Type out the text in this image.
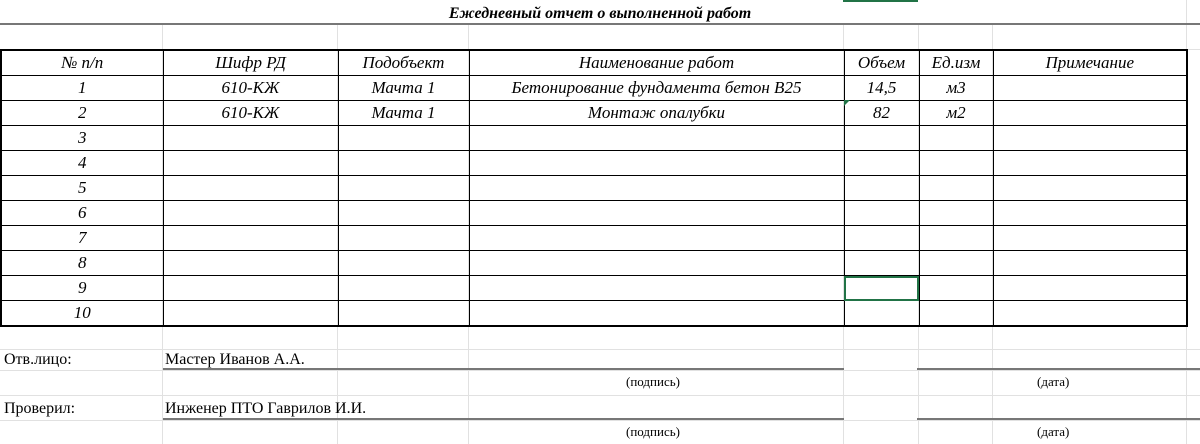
Ежедневный отчет о выполненной работ
№ п/п	Шифр РД	Подобъект	Наименование работ	Объем	Ед.изм	Примечание
1	610-КЖ	Мачта 1	Бетонирование фундамента бетон В25	14,5	м3	
2	610-КЖ	Мачта 1	Монтаж опалубки	82	м2	
3						
4						
5						
6						
7						
8						
9						
10						
Отв.лицо:	Мастер Иванов А.А.
(подпись)	(дата)
Проверил:	Инженер ПТО Гаврилов И.И.
(подпись)	(дата)
